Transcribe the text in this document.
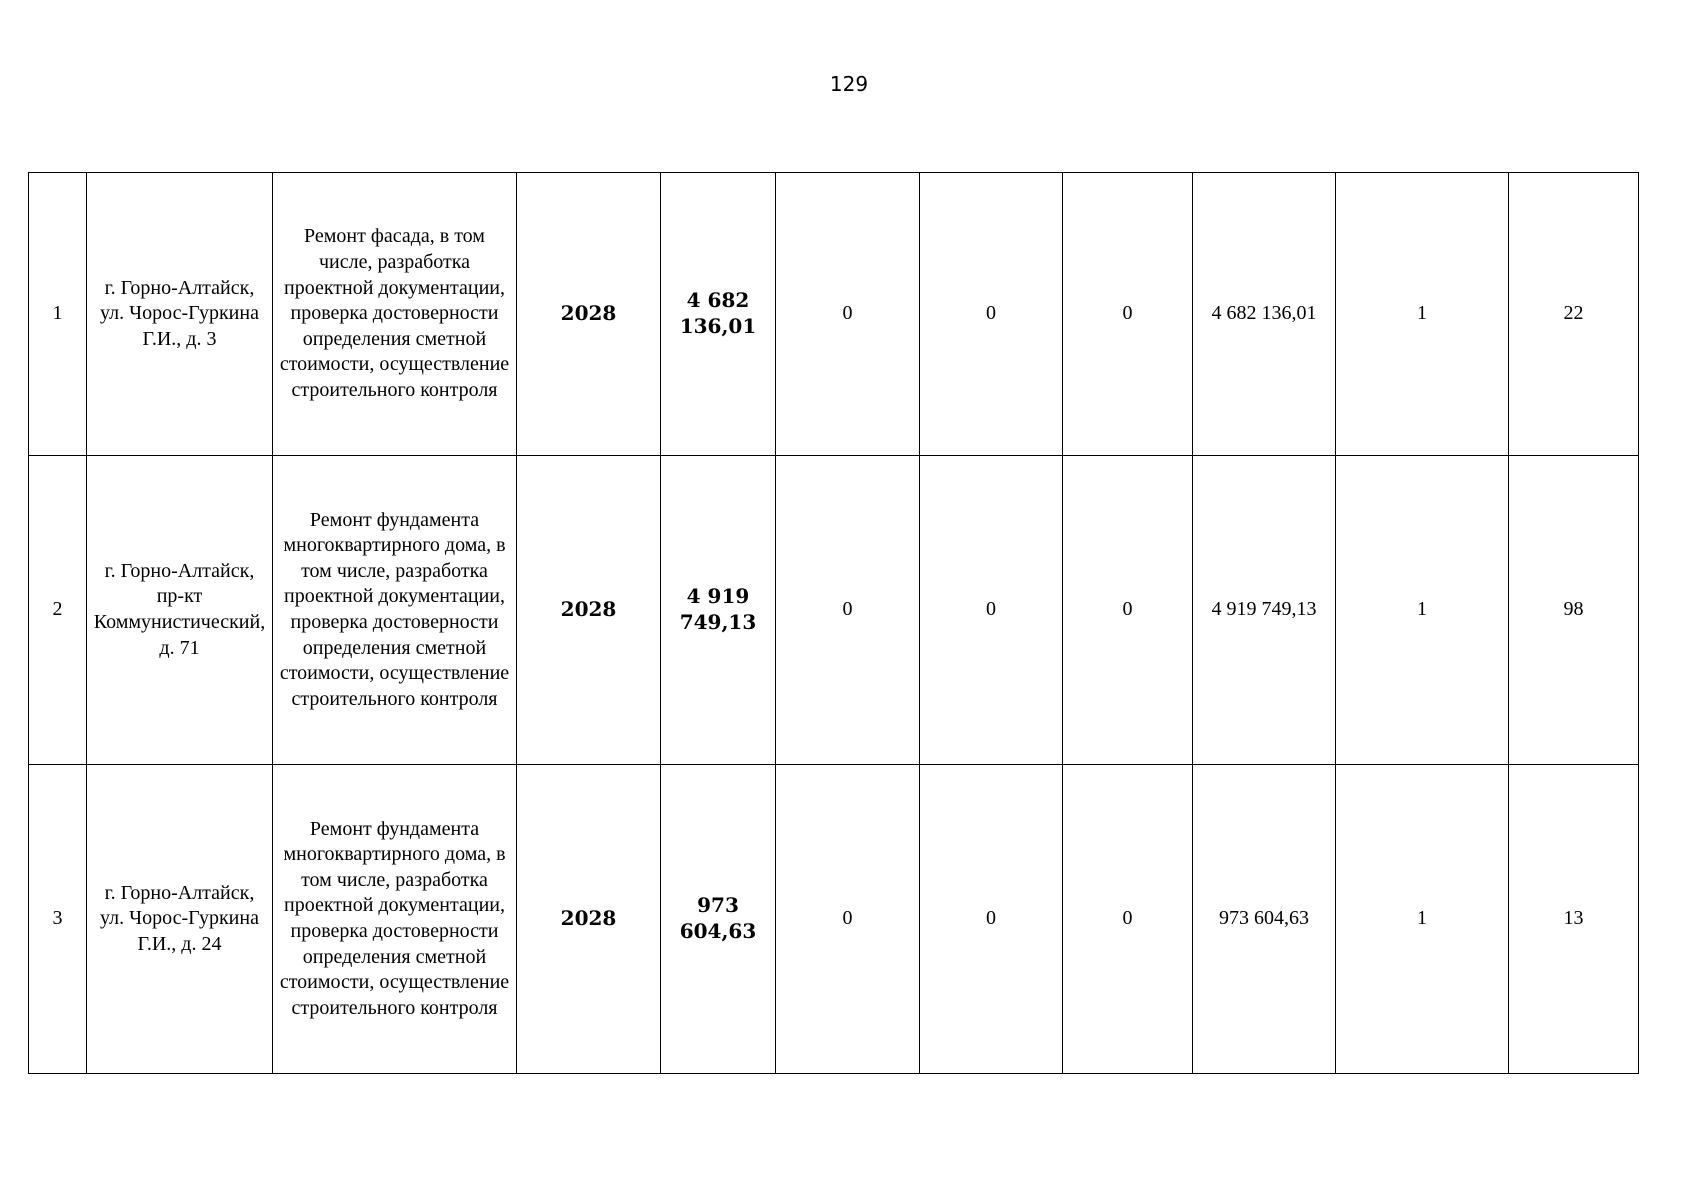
129
1	г. Горно-Алтайск, ул. Чорос-Гуркина Г.И., д. 3	Ремонт фасада, в том числе, разработка проектной документации, проверка достоверности определения сметной стоимости, осуществление строительного контроля	2028	4 682 136,01	0	0	0	4 682 136,01	1	22
2	г. Горно-Алтайск, пр-кт Коммунистический, д. 71	Ремонт фундамента многоквартирного дома, в том числе, разработка проектной документации, проверка достоверности определения сметной стоимости, осуществление строительного контроля	2028	4 919 749,13	0	0	0	4 919 749,13	1	98
3	г. Горно-Алтайск, ул. Чорос-Гуркина Г.И., д. 24	Ремонт фундамента многоквартирного дома, в том числе, разработка проектной документации, проверка достоверности определения сметной стоимости, осуществление строительного контроля	2028	973 604,63	0	0	0	973 604,63	1	13
